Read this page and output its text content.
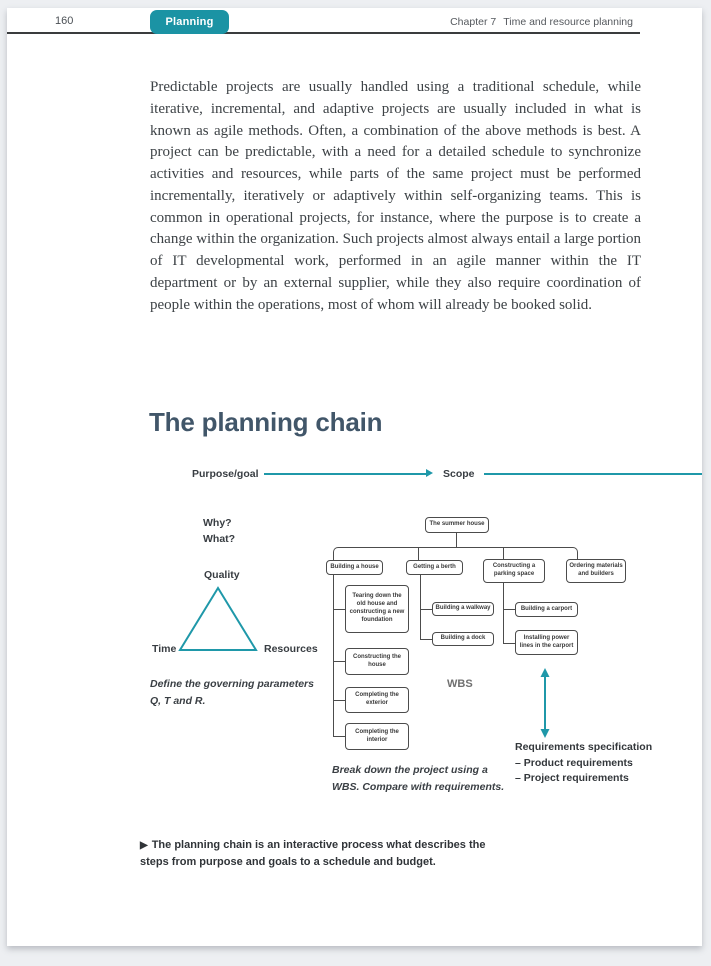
160	Planning	Chapter 7 Time and resource planning
Predictable projects are usually handled using a traditional schedule, while iterative, incremental, and adaptive projects are usually included in what is known as agile methods. Often, a combination of the above methods is best. A project can be predictable, with a need for a detailed schedule to synchronize activities and resources, while parts of the same project must be performed incrementally, iteratively or adaptively within self-organizing teams. This is common in operational projects, for instance, where the purpose is to create a change within the organization. Such projects almost always entail a large portion of IT developmental work, performed in an agile manner within the IT department or by an external supplier, while they also require coordination of people within the operations, most of whom will already be booked solid.
The planning chain
Purpose/goal	Scope
Why?
What?
Quality
Time	Resources
Define the governing parameters
Q, T and R.
The summer house
Building a house	Getting a berth	Constructing a parking space
Ordering materials and builders
Tearing down the old house and constructing a new foundation
Constructing the house
Completing the exterior
Completing the interior
Building a walkway
Building a dock
Building a carport
Installing power lines in the carport
WBS
Requirements specification
– Product requirements
– Project requirements
Break down the project using a
WBS. Compare with requirements.
▶ The planning chain is an interactive process what describes the steps from purpose and goals to a schedule and budget.
